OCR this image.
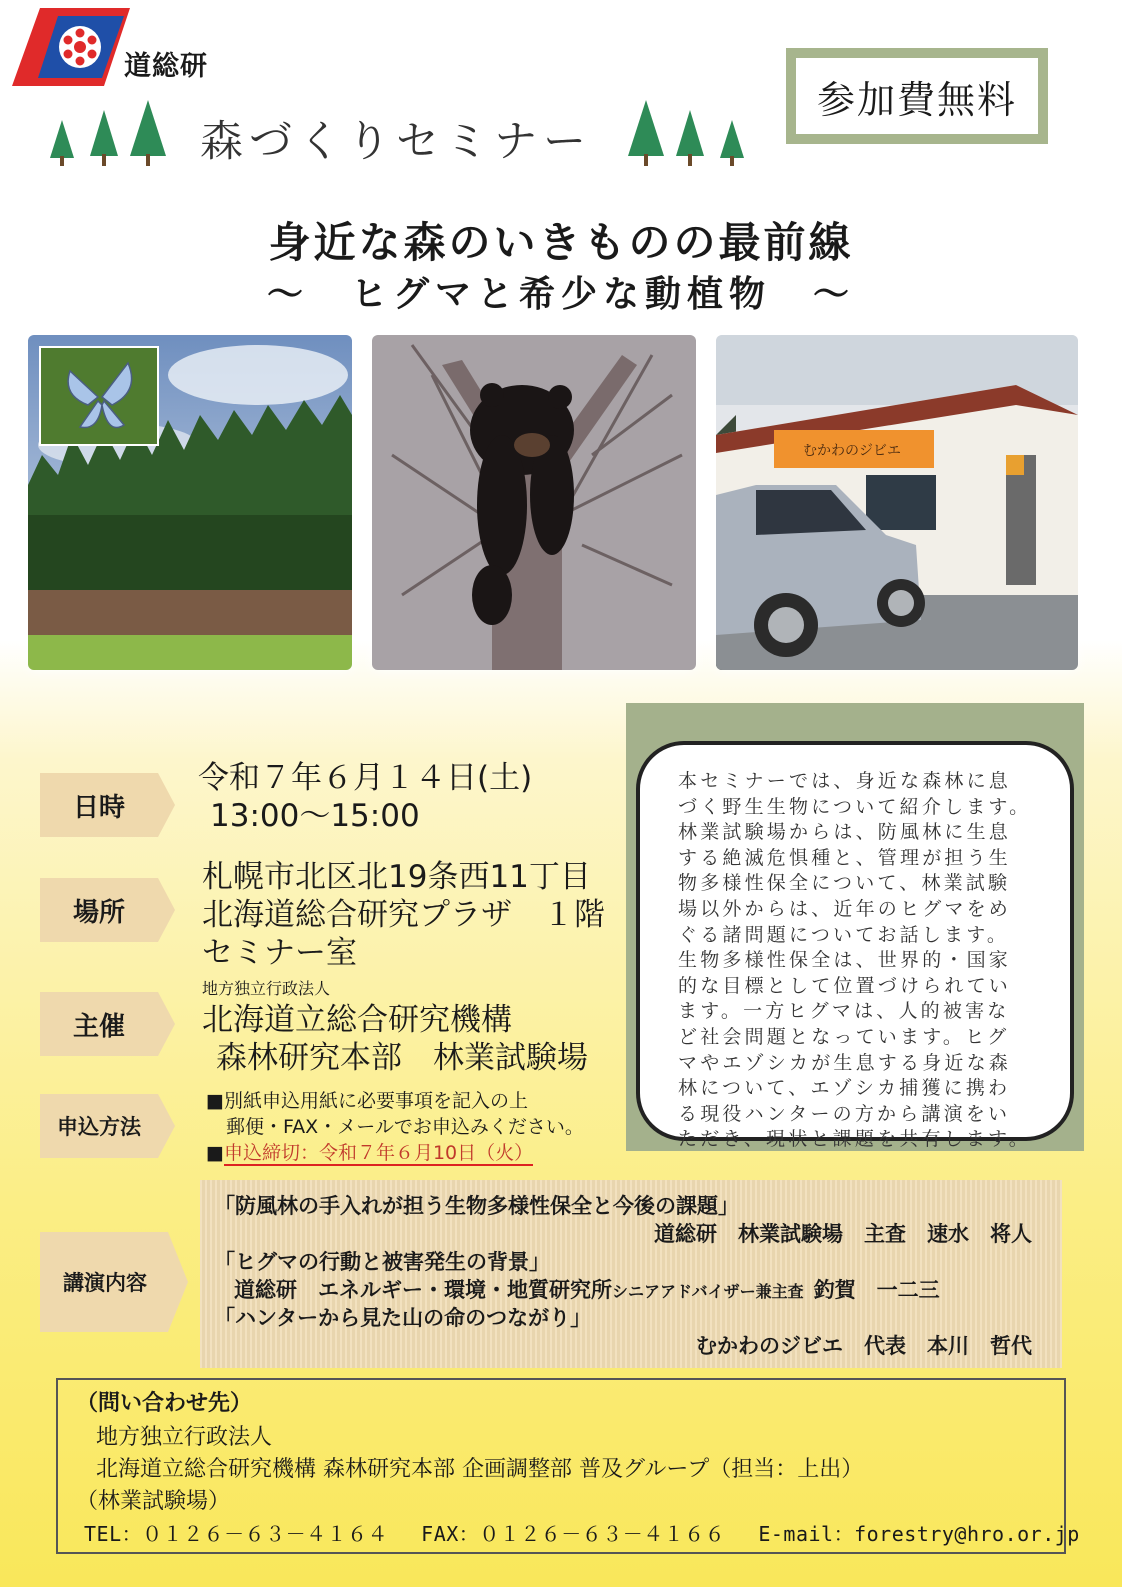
道総研
参加費無料
森づくりセミナー
身近な森のいきものの最前線
～　ヒグマと希少な動植物　～
むかわのジビエ
日時
令和７年６月１４日(土)
13:00～15:00
場所
札幌市北区北19条西11丁目
北海道総合研究プラザ　１階
セミナー室
主催
地方独立行政法人
北海道立総合研究機構
森林研究本部　林業試験場
申込方法
■別紙申込用紙に必要事項を記入の上
郵便・FAX・メールでお申込みください。
■申込締切：令和７年６月10日（火）
本セミナーでは、身近な森林に息
づく野生生物について紹介します。
林業試験場からは、防風林に生息
する絶滅危惧種と、管理が担う生
物多様性保全について、林業試験
場以外からは、近年のヒグマをめ
ぐる諸問題についてお話します。
生物多様性保全は、世界的・国家
的な目標として位置づけられてい
ます。一方ヒグマは、人的被害な
ど社会問題となっています。ヒグ
マやエゾシカが生息する身近な森
林について、エゾシカ捕獲に携わ
る現役ハンターの方から講演をい
ただき、現状と課題を共有します。
講演内容
「防風林の手入れが担う生物多様性保全と今後の課題」
道総研　林業試験場　主査　速水　将人
「ヒグマの行動と被害発生の背景」
道総研　エネルギー・環境・地質研究所シニアアドバイザー兼主査 釣賀　一二三
「ハンターから見た山の命のつながり」
むかわのジビエ　代表　本川　哲代
（問い合わせ先）
地方独立行政法人
北海道立総合研究機構 森林研究本部 企画調整部 普及グループ（担当：上出）
（林業試験場）
TEL：０１２６－６３－４１６４　 FAX：０１２６－６３－４１６６　 E-mail：forestry@hro.or.jp
